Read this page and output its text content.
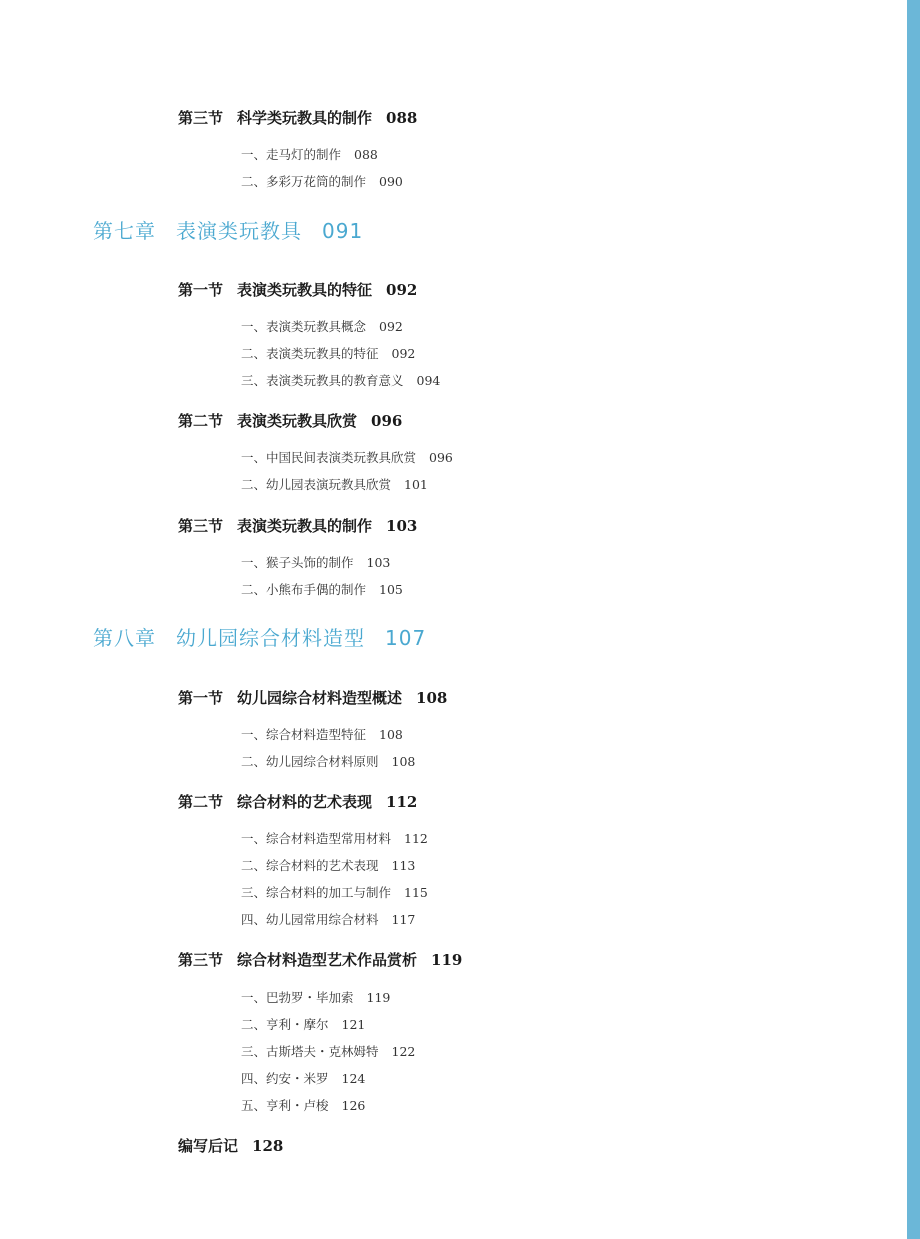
第三节 科学类玩教具的制作 088
一、走马灯的制作 088
二、多彩万花筒的制作 090
第七章 表演类玩教具 091
第一节 表演类玩教具的特征 092
一、表演类玩教具概念 092
二、表演类玩教具的特征 092
三、表演类玩教具的教育意义 094
第二节 表演类玩教具欣赏 096
一、中国民间表演类玩教具欣赏 096
二、幼儿园表演玩教具欣赏 101
第三节 表演类玩教具的制作 103
一、猴子头饰的制作 103
二、小熊布手偶的制作 105
第八章 幼儿园综合材料造型 107
第一节 幼儿园综合材料造型概述 108
一、综合材料造型特征 108
二、幼儿园综合材料原则 108
第二节 综合材料的艺术表现 112
一、综合材料造型常用材料 112
二、综合材料的艺术表现 113
三、综合材料的加工与制作 115
四、幼儿园常用综合材料 117
第三节 综合材料造型艺术作品赏析 119
一、巴勃罗・毕加索 119
二、亨利・摩尔 121
三、古斯塔夫・克林姆特 122
四、约安・米罗 124
五、亨利・卢梭 126
编写后记 128
